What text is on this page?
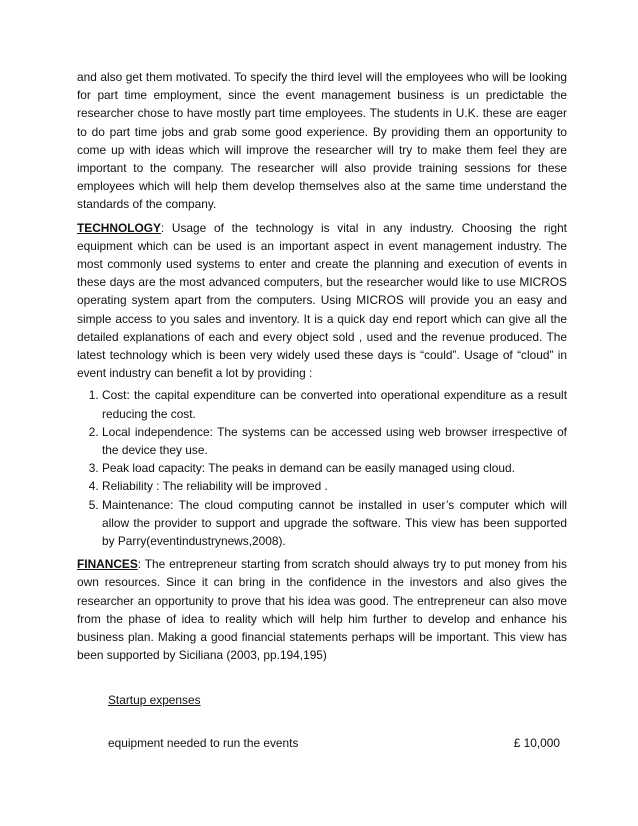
and also get them motivated. To specify the third level will the employees who will be looking for part time employment, since the event management business is un predictable the researcher chose to have mostly part time employees. The students in U.K. these are eager to do part time jobs and grab some good experience. By providing them an opportunity to come up with ideas which will improve the researcher will try to make them feel they are important to the company. The researcher will also provide training sessions for these employees which will help them develop themselves also at the same time understand the standards of the company.

TECHNOLOGY: Usage of the technology is vital in any industry. Choosing the right equipment which can be used is an important aspect in event management industry. The most commonly used systems to enter and create the planning and execution of events in these days are the most advanced computers, but the researcher would like to use MICROS operating system apart from the computers. Using MICROS will provide you an easy and simple access to you sales and inventory. It is a quick day end report which can give all the detailed explanations of each and every object sold , used and the revenue produced. The latest technology which is been very widely used these days is “could”. Usage of “cloud” in event industry can benefit a lot by providing :

1. Cost: the capital expenditure can be converted into operational expenditure as a result reducing the cost.
2. Local independence: The systems can be accessed using web browser irrespective of the device they use.
3. Peak load capacity: The peaks in demand can be easily managed using cloud.
4. Reliability : The reliability will be improved .
5. Maintenance: The cloud computing cannot be installed in user’s computer which will allow the provider to support and upgrade the software. This view has been supported by Parry(eventindustrynews,2008).

FINANCES: The entrepreneur starting from scratch should always try to put money from his own resources. Since it can bring in the confidence in the investors and also gives the researcher an opportunity to prove that his idea was good. The entrepreneur can also move from the phase of idea to reality which will help him further to develop and enhance his business plan. Making a good financial statements perhaps will be important. This view has been supported by Siciliana (2003, pp.194,195)

Startup expenses
equipment needed to run the events	£ 10,000
